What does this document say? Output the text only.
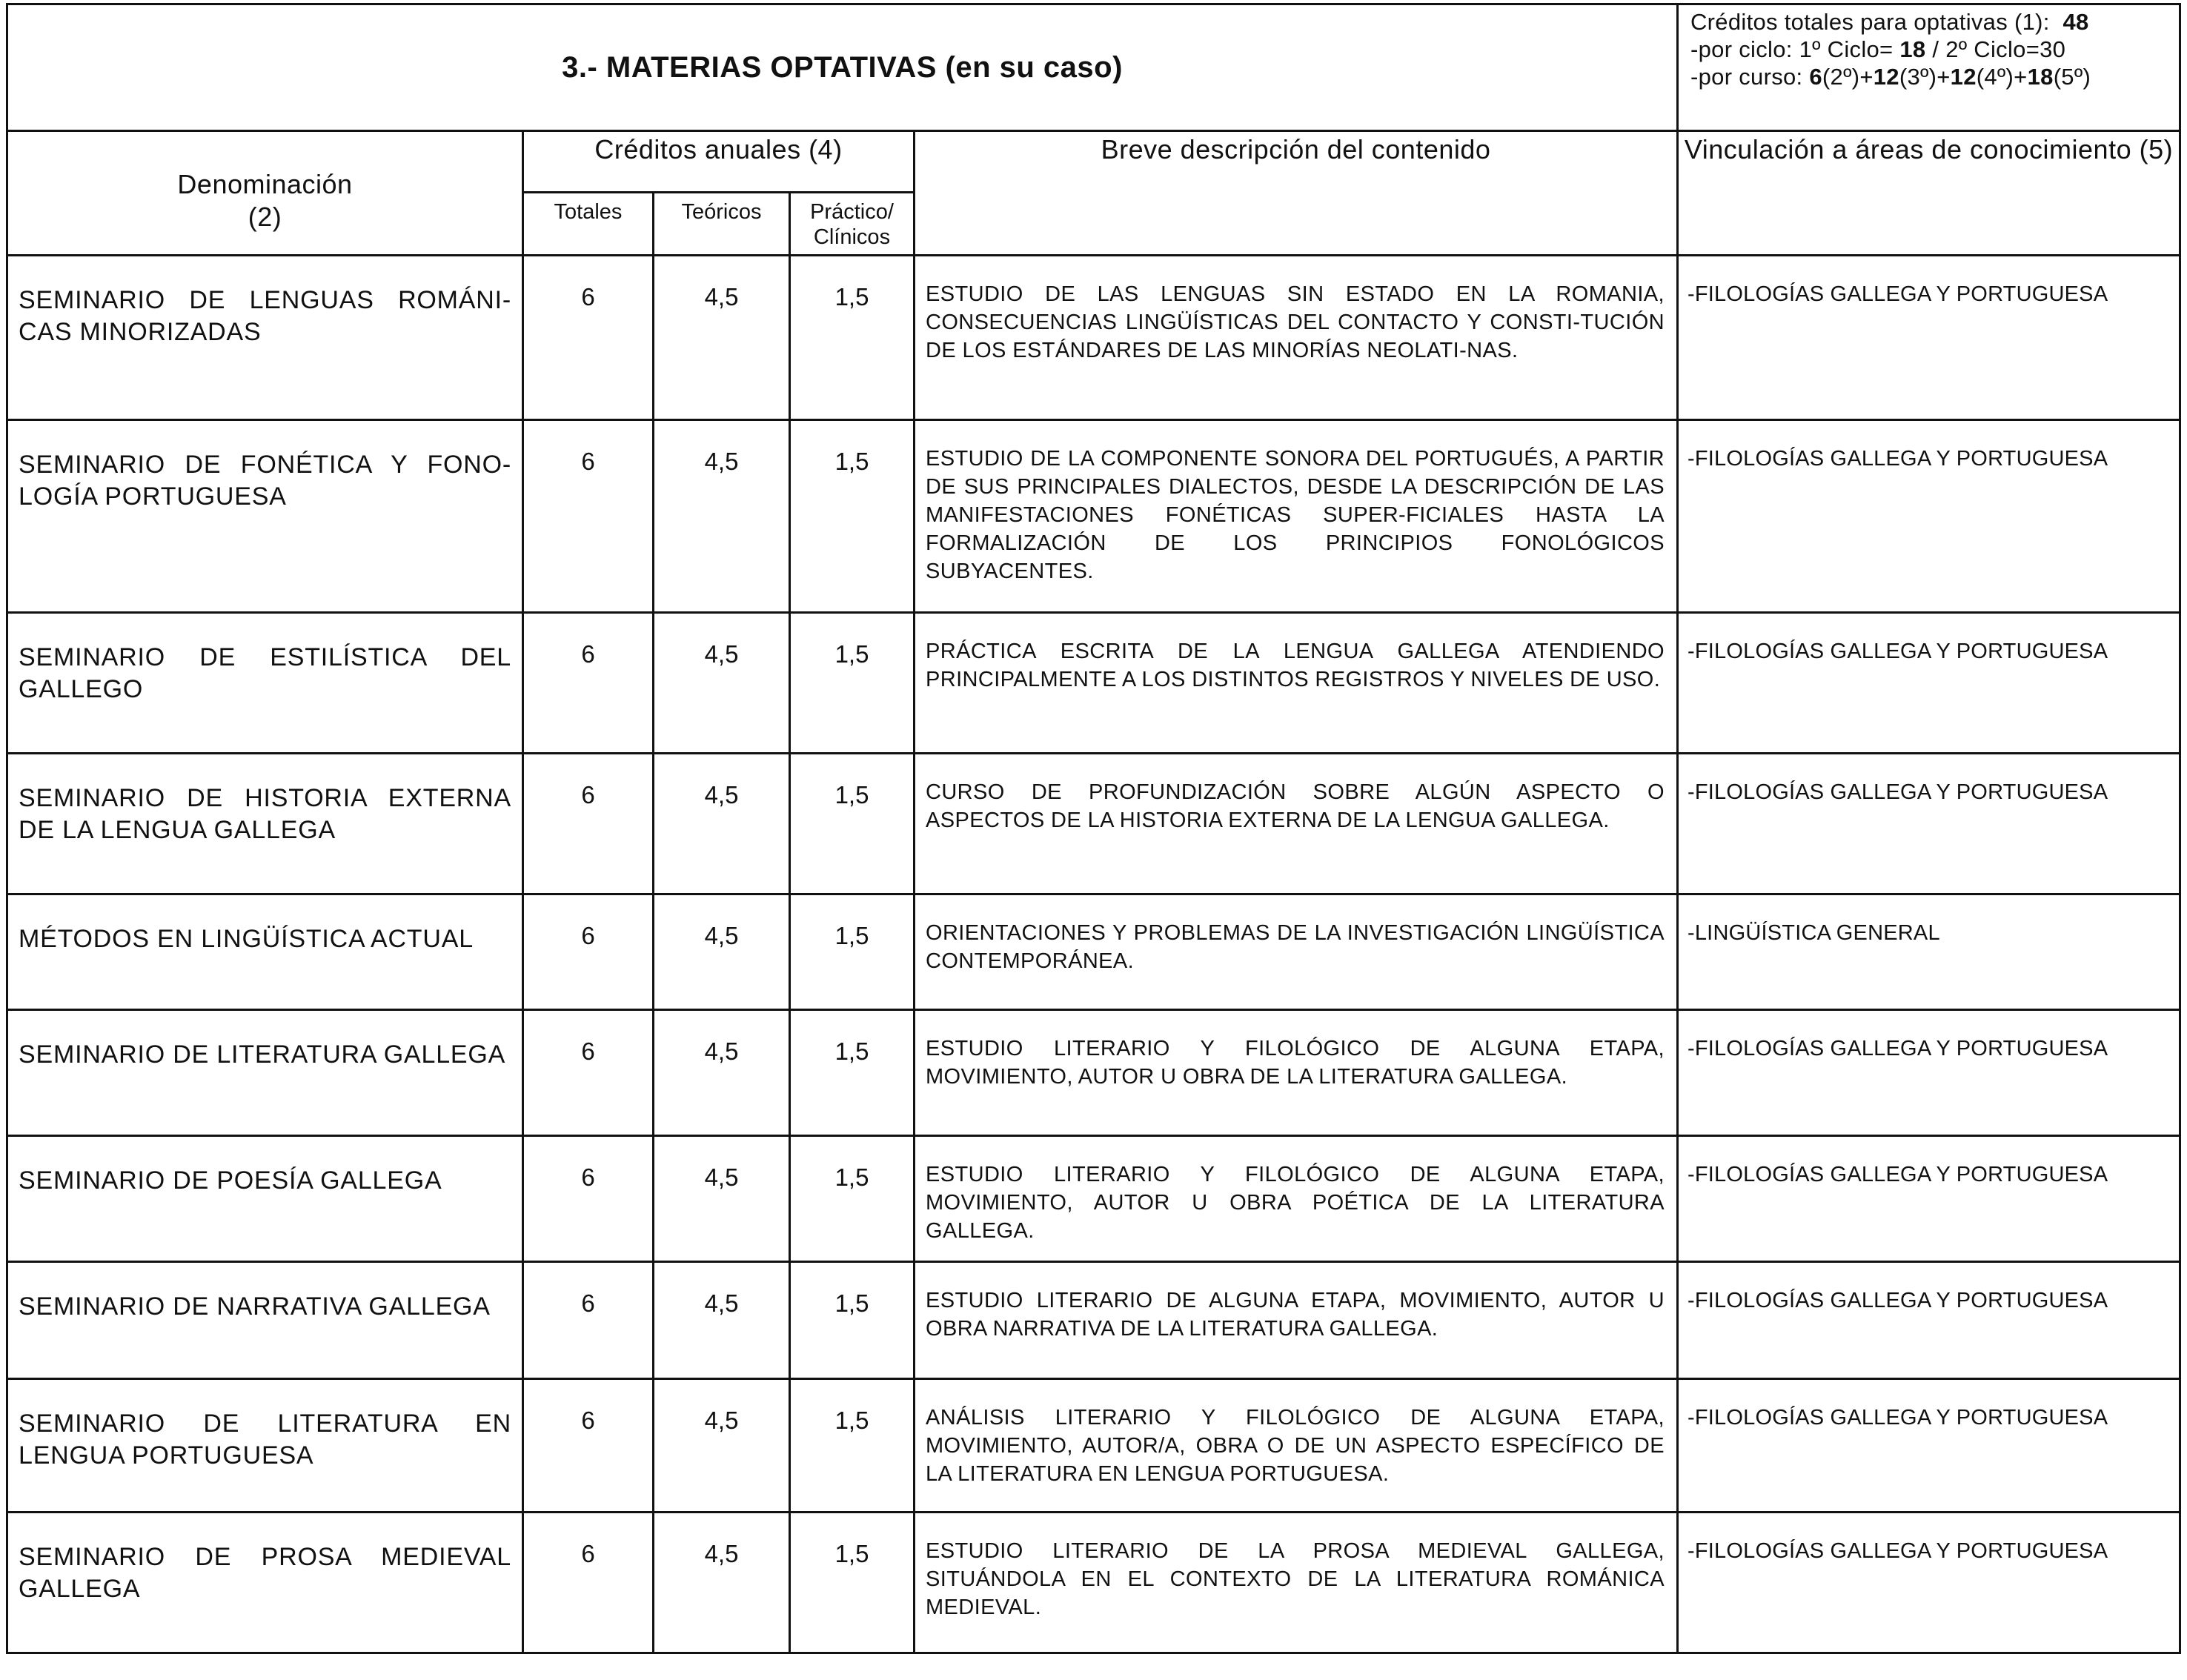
3.- MATERIAS OPTATIVAS (en su caso)					Créditos totales para optativas (1): 48
-por ciclo: 1º Ciclo= 18 / 2º Ciclo=30
-por curso: 6(2º)+12(3º)+12(4º)+18(5º)

Denominación
(2)	Créditos anuales (4)			Breve descripción del contenido	Vinculación a áreas de conocimiento (5)
	Totales	Teóricos	Práctico/ Clínicos		
SEMINARIO DE LENGUAS ROMÁNI-CAS MINORIZADAS	6	4,5	1,5	ESTUDIO DE LAS LENGUAS SIN ESTADO EN LA ROMANIA, CONSECUENCIAS LINGÜÍSTICAS DEL CONTACTO Y CONSTI-TUCIÓN DE LOS ESTÁNDARES DE LAS MINORÍAS NEOLATI-NAS.	-FILOLOGÍAS GALLEGA Y PORTUGUESA
SEMINARIO DE FONÉTICA Y FONO-LOGÍA PORTUGUESA	6	4,5	1,5	ESTUDIO DE LA COMPONENTE SONORA DEL PORTUGUÉS, A PARTIR DE SUS PRINCIPALES DIALECTOS, DESDE LA DESCRIPCIÓN DE LAS MANIFESTACIONES FONÉTICAS SUPER-FICIALES HASTA LA FORMALIZACIÓN DE LOS PRINCIPIOS FONOLÓGICOS SUBYACENTES.	-FILOLOGÍAS GALLEGA Y PORTUGUESA
SEMINARIO DE ESTILÍSTICA DEL GALLEGO	6	4,5	1,5	PRÁCTICA ESCRITA DE LA LENGUA GALLEGA ATENDIENDO PRINCIPALMENTE A LOS DISTINTOS REGISTROS Y NIVELES DE USO.	-FILOLOGÍAS GALLEGA Y PORTUGUESA
SEMINARIO DE HISTORIA EXTERNA DE LA LENGUA GALLEGA	6	4,5	1,5	CURSO DE PROFUNDIZACIÓN SOBRE ALGÚN ASPECTO O ASPECTOS DE LA HISTORIA EXTERNA DE LA LENGUA GALLEGA.	-FILOLOGÍAS GALLEGA Y PORTUGUESA
MÉTODOS EN LINGÜÍSTICA ACTUAL	6	4,5	1,5	ORIENTACIONES Y PROBLEMAS DE LA INVESTIGACIÓN LINGÜÍSTICA CONTEMPORÁNEA.	-LINGÜÍSTICA GENERAL
SEMINARIO DE LITERATURA GALLEGA	6	4,5	1,5	ESTUDIO LITERARIO Y FILOLÓGICO DE ALGUNA ETAPA, MOVIMIENTO, AUTOR U OBRA DE LA LITERATURA GALLEGA.	-FILOLOGÍAS GALLEGA Y PORTUGUESA
SEMINARIO DE POESÍA GALLEGA	6	4,5	1,5	ESTUDIO LITERARIO Y FILOLÓGICO DE ALGUNA ETAPA, MOVIMIENTO, AUTOR U OBRA POÉTICA DE LA LITERATURA GALLEGA.	-FILOLOGÍAS GALLEGA Y PORTUGUESA
SEMINARIO DE NARRATIVA GALLEGA	6	4,5	1,5	ESTUDIO LITERARIO DE ALGUNA ETAPA, MOVIMIENTO, AUTOR U OBRA NARRATIVA DE LA LITERATURA GALLEGA.	-FILOLOGÍAS GALLEGA Y PORTUGUESA
SEMINARIO DE LITERATURA EN LENGUA PORTUGUESA	6	4,5	1,5	ANÁLISIS LITERARIO Y FILOLÓGICO DE ALGUNA ETAPA, MOVIMIENTO, AUTOR/A, OBRA O DE UN ASPECTO ESPECÍFICO DE LA LITERATURA EN LENGUA PORTUGUESA.	-FILOLOGÍAS GALLEGA Y PORTUGUESA
SEMINARIO DE PROSA MEDIEVAL GALLEGA	6	4,5	1,5	ESTUDIO LITERARIO DE LA PROSA MEDIEVAL GALLEGA, SITUÁNDOLA EN EL CONTEXTO DE LA LITERATURA ROMÁNICA MEDIEVAL.	-FILOLOGÍAS GALLEGA Y PORTUGUESA
